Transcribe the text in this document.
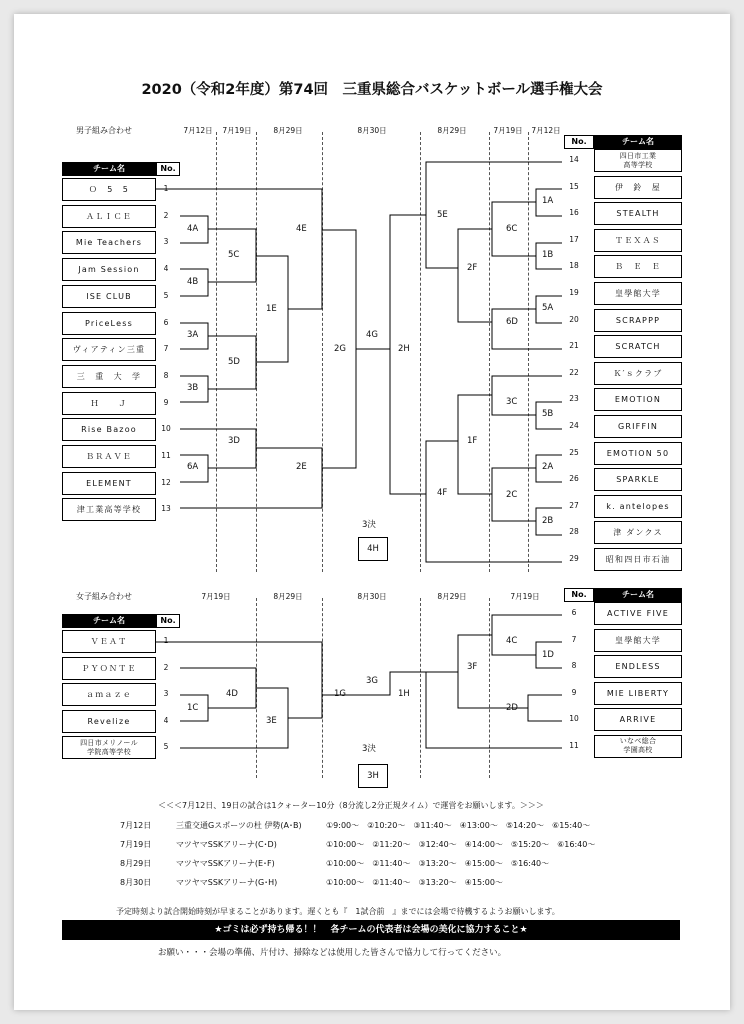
2020（令和2年度）第74回　三重県総合バスケットボール選手権大会
男子組み合わせ	7月12日	7月19日	8月29日	8月30日	8月29日	7月19日	7月12日
チーム名	No.
No.	チーム名
1
Ｏ　5　5
2
ＡＬＩＣＥ
3
Mie Teachers
4
Jam Session
5
ISE CLUB
6
PriceLess
7
ヴィアティン三重
8
三　重　大　学
9
Ｈ　　Ｊ
10
Rise Bazoo
11
ＢＲＡＶＥ
12
ELEMENT
13
津工業高等学校
14	四日市工業
高等学校
15	伊　鈴　屋
16	STEALTH
17	ＴＥＸＡＳ
18	Ｂ　Ｅ　Ｅ
19	皇學館大学
20	SCRAPPP
21	SCRATCH
22	Ｋ′ｓクラブ
23	EMOTION
24	GRIFFIN
25	EMOTION 50
26	SPARKLE
27	k. antelopes
28	津 ダンクス
29	昭和四日市石油
女子組み合わせ	7月19日	8月29日	8月30日	8月29日	7月19日
チーム名	No.
No.	チーム名
1
ＶＥＡＴ
2
ＰＹＯＮＴＥ
3
ａｍａｚｅ
4
Revelize
5
四日市メリノール
学院高等学校
6	ACTIVE FIVE
7	皇學館大学
8	ENDLESS
9	MIE LIBERTY
10	ARRIVE
11	いなべ総合
学園高校
4A
4B
3A
3B
6A
5C
5D
3D
1E
4E
2E
2G
4G
2H
5E
4F
2F
1F
6C
6D
3C
2C
1A
1B
5A
5B
2A
2B
3決
4H
1C
4D
3E
1G
3G
1H
3F
4C
1D
2D
3決
3H
＜＜＜7月12日、19日の試合は1クォーター10分（8分流し2分正規タイム）で運営をお願いします。＞＞＞
7月12日	三重交通Gスポーツの杜 伊勢(A･B)	①9:00～　②10:20～　③11:40～　④13:00～　⑤14:20～　⑥15:40～
7月19日	マツヤマSSKアリーナ(C･D)	①10:00～　②11:20～　③12:40～　④14:00～　⑤15:20～　⑥16:40～
8月29日	マツヤマSSKアリーナ(E･F)	①10:00～　②11:40～　③13:20～　④15:00～　⑤16:40～
8月30日	マツヤマSSKアリーナ(G･H)	①10:00～　②11:40～　③13:20～　④15:00～
予定時刻より試合開始時刻が早まることがあります。遅くとも『　1試合前　』までには会場で待機するようお願いします。
★ゴミは必ず持ち帰る！！　各チームの代表者は会場の美化に協力すること★
お願い・・・会場の準備、片付け、掃除などは使用した皆さんで協力して行ってください。
